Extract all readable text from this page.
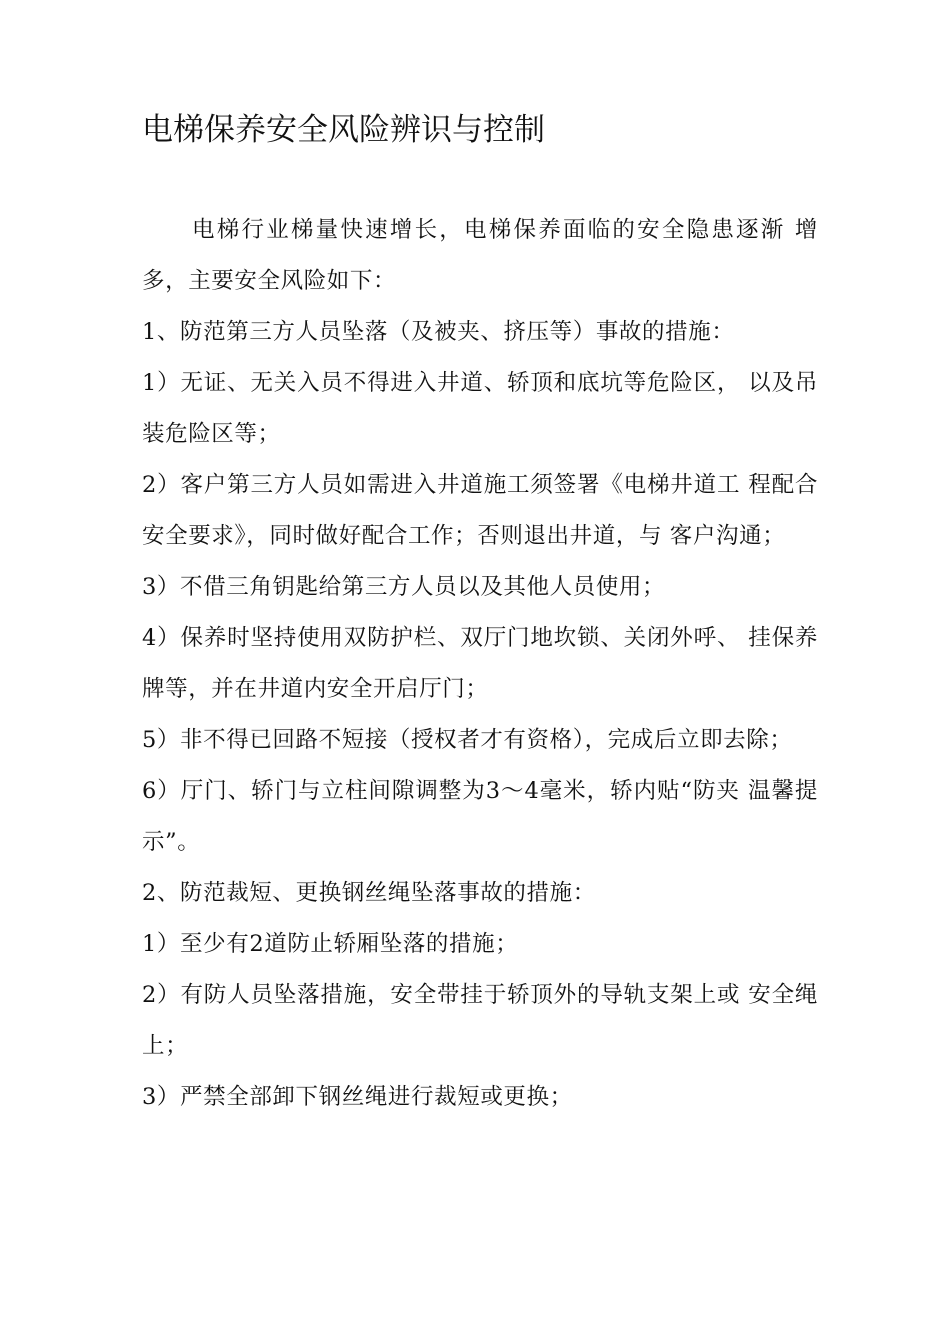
电梯保养安全风险辨识与控制

电梯行业梯量快速增长，电梯保养面临的安全隐患逐渐 增多，主要安全风险如下：

1、防范第三方人员坠落（及被夹、挤压等）事故的措施：

1）无证、无关入员不得进入井道、轿顶和底坑等危险区， 以及吊装危险区等；

2）客户第三方人员如需进入井道施工须签署《电梯井道工 程配合安全要求》，同时做好配合工作；否则退出井道，与 客户沟通；

3）不借三角钥匙给第三方人员以及其他人员使用；

4）保养时坚持使用双防护栏、双厅门地坎锁、关闭外呼、 挂保养牌等，并在井道内安全开启厅门；

5）非不得已回路不短接（授权者才有资格），完成后立即去除；

6）厅门、轿门与立柱间隙调整为3〜4毫米，轿内贴“防夹 温馨提示”。

2、防范裁短、更换钢丝绳坠落事故的措施：

1）至少有2道防止轿厢坠落的措施；

2）有防人员坠落措施，安全带挂于轿顶外的导轨支架上或 安全绳上；

3）严禁全部卸下钢丝绳进行裁短或更换；
